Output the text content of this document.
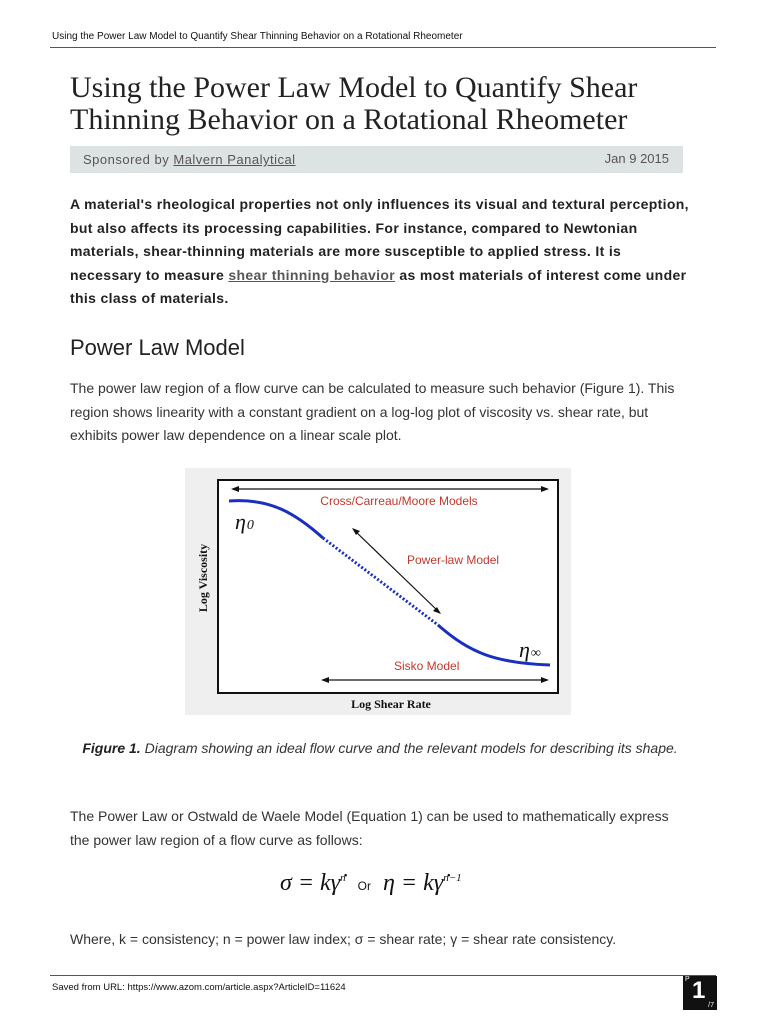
Using the Power Law Model to Quantify Shear Thinning Behavior on a Rotational Rheometer
Using the Power Law Model to Quantify Shear Thinning Behavior on a Rotational Rheometer
Sponsored by Malvern Panalytical	Jan 9 2015

A material's rheological properties not only influences its visual and textural perception, but also affects its processing capabilities. For instance, compared to Newtonian materials, shear-thinning materials are more susceptible to applied stress. It is necessary to measure shear thinning behavior as most materials of interest come under this class of materials.

Power Law Model

The power law region of a flow curve can be calculated to measure such behavior (Figure 1). This region shows linearity with a constant gradient on a log-log plot of viscosity vs. shear rate, but exhibits power law dependence on a linear scale plot.

Cross/Carreau/Moore Models
η0
Power-law Model
η∞
Sisko Model
Log Shear Rate
Log Viscosity

Figure 1. Diagram showing an ideal flow curve and the relevant models for describing its shape.

The Power Law or Ostwald de Waele Model (Equation 1) can be used to mathematically express the power law region of a flow curve as follows:

σ = kγ̇$^n$ Or η = kγ̇$^{n-1}$

Where, k = consistency; n = power law index; σ = shear rate; γ = shear rate consistency.

Saved from URL: https://www.azom.com/article.aspx?ArticleID=11624
P 1
/7
